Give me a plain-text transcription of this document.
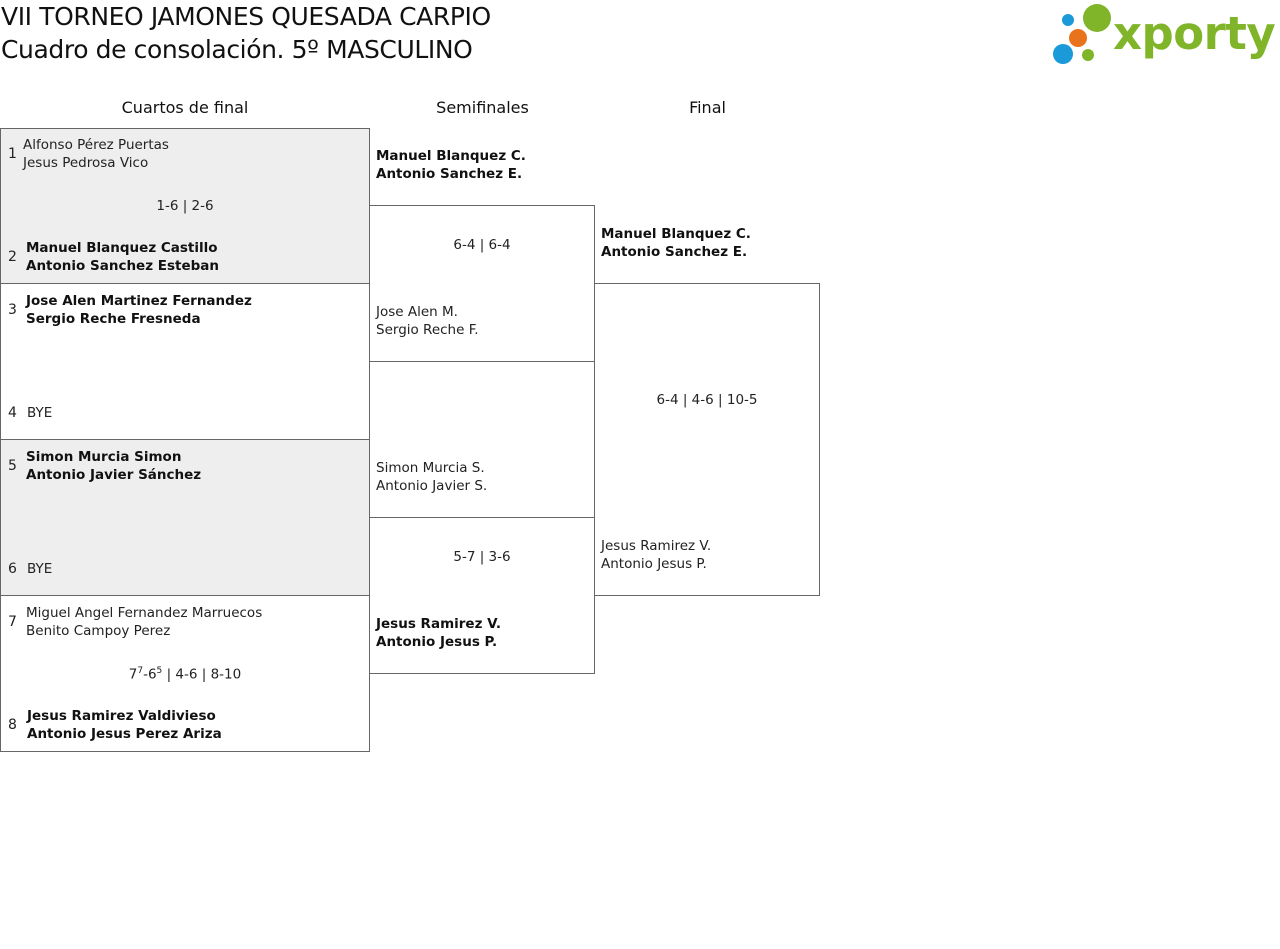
VII TORNEO JAMONES QUESADA CARPIO
Cuadro de consolación. 5º MASCULINO	xporty
Cuartos de final	Semifinales	Final
1
Alfonso Pérez Puertas
Jesus Pedrosa Vico
1-6 | 2-6
2
Manuel Blanquez Castillo
Antonio Sanchez Esteban
3
Jose Alen Martinez Fernandez
Sergio Reche Fresneda
4 BYE
5
Simon Murcia Simon
Antonio Javier Sánchez
6 BYE
7
Miguel Angel Fernandez Marruecos
Benito Campoy Perez
$7^7-6^5$ | 4-6 | 8-10
8
Jesus Ramirez Valdivieso
Antonio Jesus Perez Ariza
Manuel Blanquez C.
Antonio Sanchez E.
6-4 | 6-4
Jose Alen M.
Sergio Reche F.
Simon Murcia S.
Antonio Javier S.
5-7 | 3-6
Jesus Ramirez V.
Antonio Jesus P.
Manuel Blanquez C.
Antonio Sanchez E.
6-4 | 4-6 | 10-5
Jesus Ramirez V.
Antonio Jesus P.
